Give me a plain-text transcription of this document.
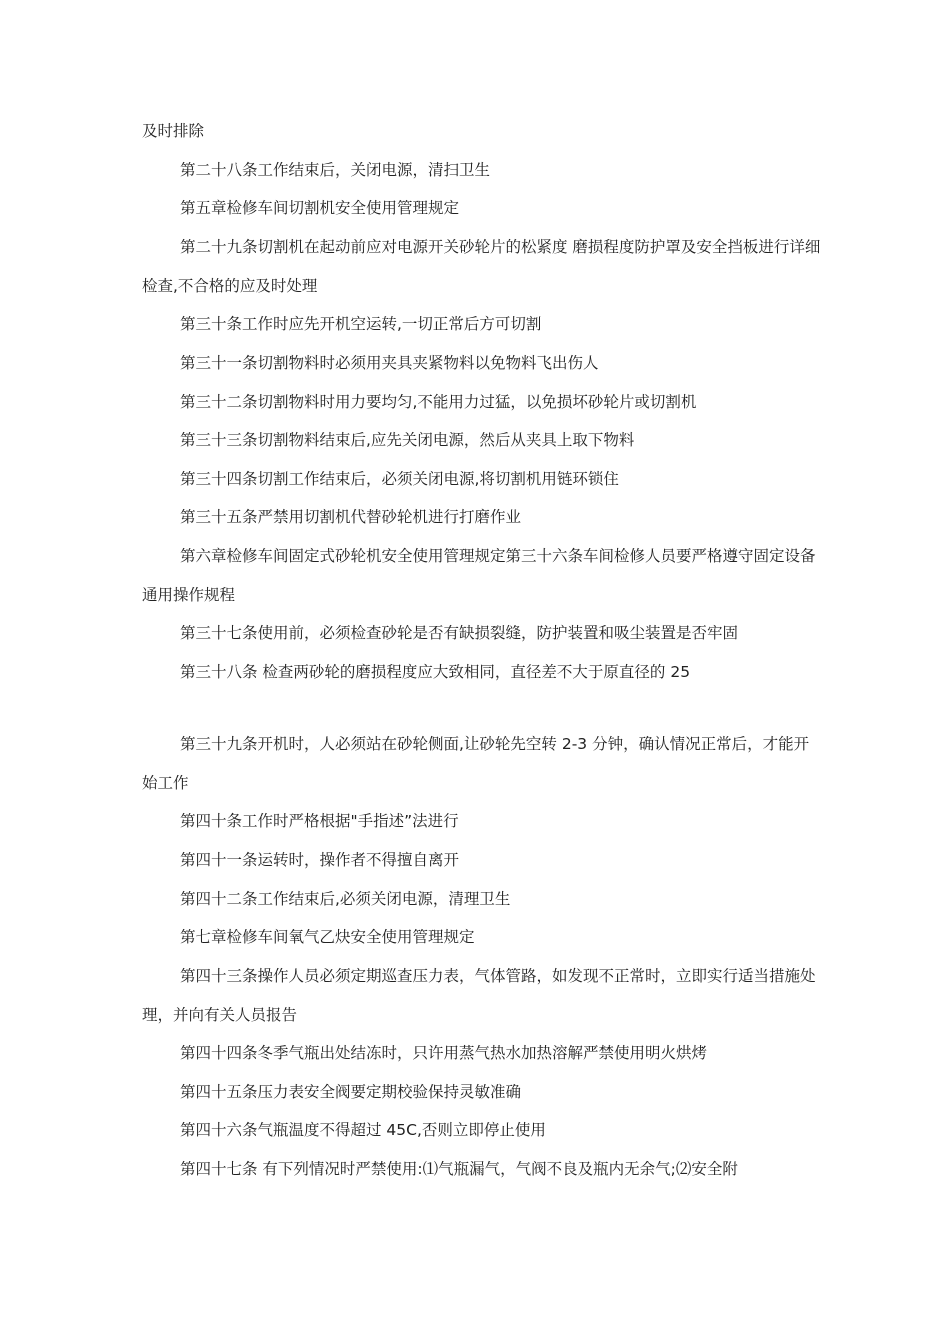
及时排除

第二十八条工作结束后，关闭电源，清扫卫生

第五章检修车间切割机安全使用管理规定

第二十九条切割机在起动前应对电源开关砂轮片的松紧度 磨损程度防护罩及安全挡板进行详细检查,不合格的应及时处理

第三十条工作时应先开机空运转,一切正常后方可切割

第三十一条切割物料时必须用夹具夹紧物料以免物料飞出伤人

第三十二条切割物料时用力要均匀,不能用力过猛，以免损坏砂轮片或切割机

第三十三条切割物料结束后,应先关闭电源，然后从夹具上取下物料

第三十四条切割工作结束后，必须关闭电源,将切割机用链环锁住

第三十五条严禁用切割机代替砂轮机进行打磨作业

第六章检修车间固定式砂轮机安全使用管理规定第三十六条车间检修人员要严格遵守固定设备通用操作规程

第三十七条使用前，必须检查砂轮是否有缺损裂缝，防护装置和吸尘装置是否牢固

第三十八条 检查两砂轮的磨损程度应大致相同，直径差不大于原直径的 25

第三十九条开机时，人必须站在砂轮侧面,让砂轮先空转 2-3 分钟，确认情况正常后，才能开始工作

第四十条工作时严格根据"手指述”法进行

第四十一条运转时，操作者不得擅自离开

第四十二条工作结束后,必须关闭电源，清理卫生

第七章检修车间氧气乙炔安全使用管理规定

第四十三条操作人员必须定期巡查压力表，气体管路，如发现不正常时，立即实行适当措施处理，并向有关人员报告

第四十四条冬季气瓶出处结冻时，只许用蒸气热水加热溶解严禁使用明火烘烤

第四十五条压力表安全阀要定期校验保持灵敏准确

第四十六条气瓶温度不得超过 45C,否则立即停止使用

第四十七条 有下列情况时严禁使用:⑴气瓶漏气，气阀不良及瓶内无余气;⑵安全附
